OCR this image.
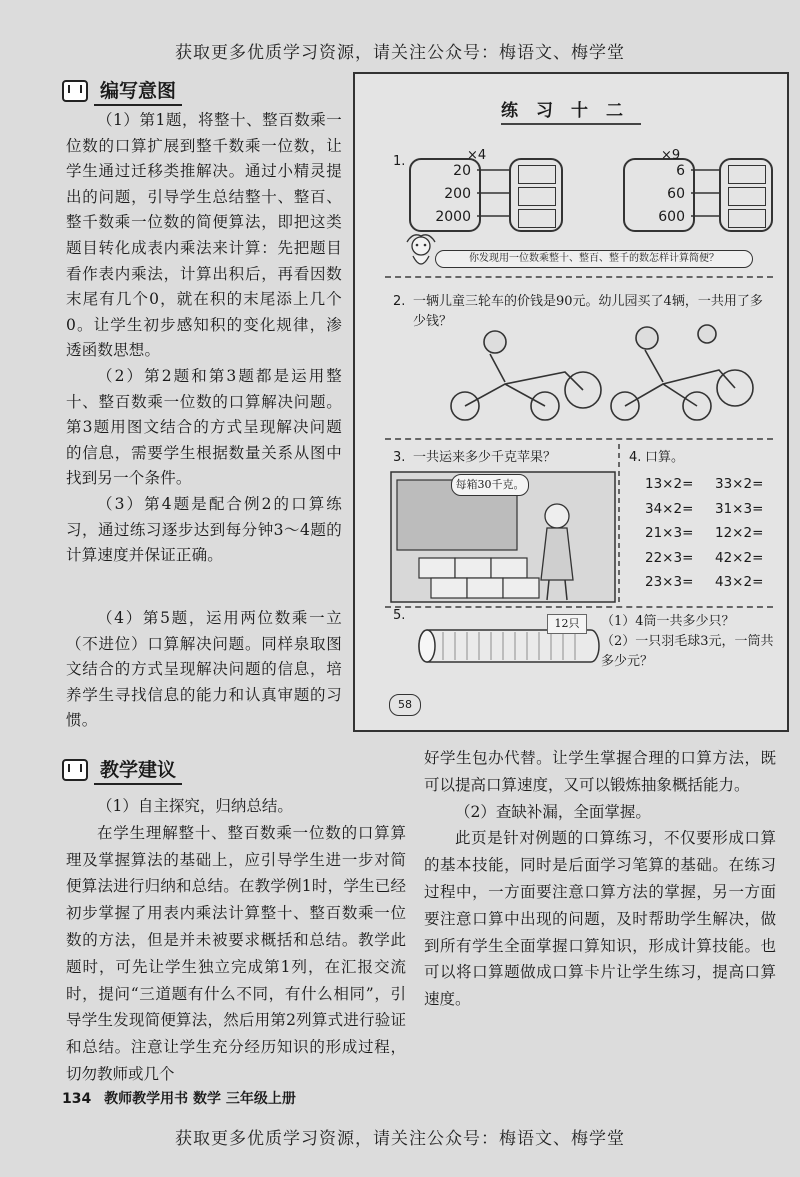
获取更多优质学习资源，请关注公众号：梅语文、梅学堂
编写意图

（1）第1题，将整十、整百数乘一位数的口算扩展到整千数乘一位数，让学生通过迁移类推解决。通过小精灵提出的问题，引导学生总结整十、整百、整千数乘一位数的简便算法，即把这类题目转化成表内乘法来计算：先把题目看作表内乘法，计算出积后，再看因数末尾有几个0，就在积的末尾添上几个0。让学生初步感知积的变化规律，渗透函数思想。

（2）第2题和第3题都是运用整十、整百数乘一位数的口算解决问题。第3题用图文结合的方式呈现解决问题的信息，需要学生根据数量关系从图中找到另一个条件。

（3）第4题是配合例2的口算练习，通过练习逐步达到每分钟3～4题的计算速度并保证正确。

（4）第5题，运用两位数乘一立（不进位）口算解决问题。同样泉取图文结合的方式呈现解决问题的信息，培养学生寻找信息的能力和认真审题的习惯。

练习十二
1.
20
200
2000
×4
6
60
600
×9
你发现用一位数乘整十、整百、整千的数怎样计算简便？
2. 一辆儿童三轮车的价钱是90元。幼儿园买了4辆，一共用了多少钱？
3. 一共运来多少千克苹果？
每箱30千克。
4. 口算。
13×2=
34×2=
21×3=
22×3=
23×3=
33×2=
31×3=
12×2=
42×2=
43×2=
5.
12只	（1）4筒一共多少只？
（2）一只羽毛球3元，一筒共多少元？
58
教学建议

（1）自主探究，归纳总结。

在学生理解整十、整百数乘一位数的口算算理及掌握算法的基础上，应引导学生进一步对简便算法进行归纳和总结。在教学例1时，学生已经初步掌握了用表内乘法计算整十、整百数乘一位数的方法，但是并未被要求概括和总结。教学此题时，可先让学生独立完成第1列，在汇报交流时，提问“三道题有什么不同，有什么相同”，引导学生发现简便算法，然后用第2列算式进行验证和总结。注意让学生充分经历知识的形成过程，切勿教师或几个

好学生包办代替。让学生掌握合理的口算方法，既可以提高口算速度，又可以锻炼抽象概括能力。

（2）查缺补漏，全面掌握。

此页是针对例题的口算练习，不仅要形成口算的基本技能，同时是后面学习笔算的基础。在练习过程中，一方面要注意口算方法的掌握，另一方面要注意口算中出现的问题，及时帮助学生解决，做到所有学生全面掌握口算知识，形成计算技能。也可以将口算题做成口算卡片让学生练习，提高口算速度。

134 教师教学用书 数学 三年级上册
获取更多优质学习资源，请关注公众号：梅语文、梅学堂
